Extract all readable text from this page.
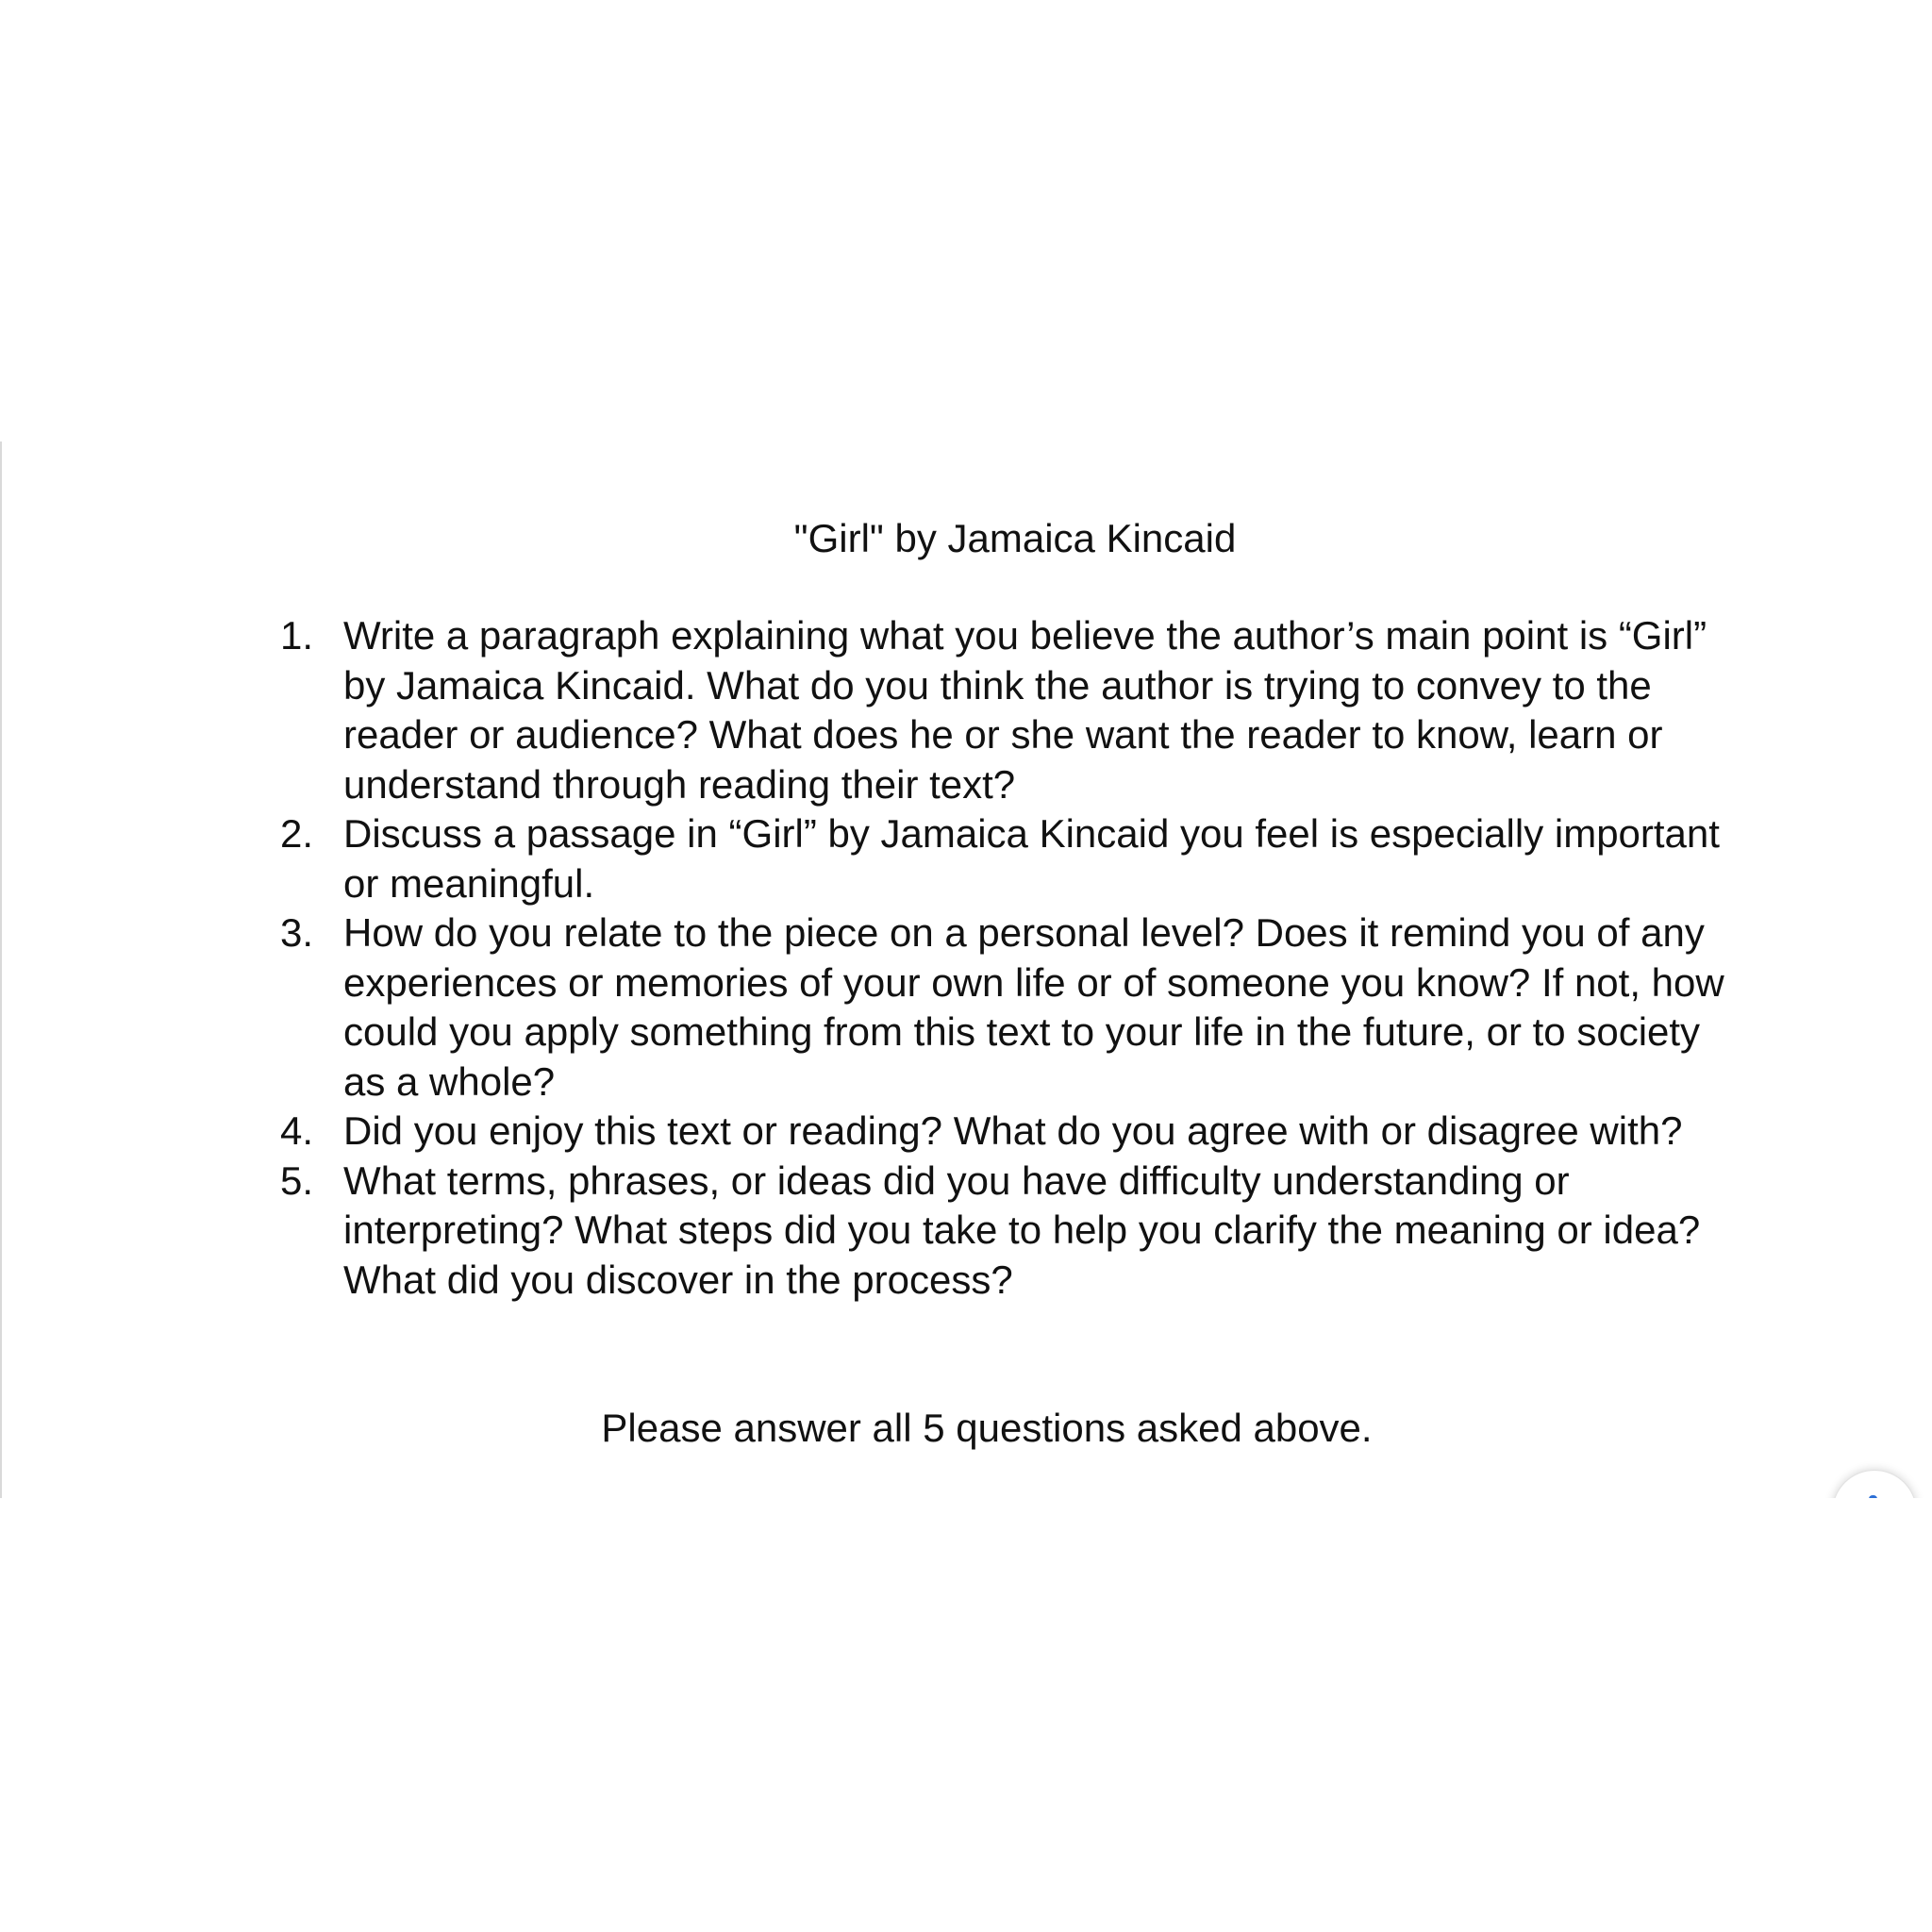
"Girl" by Jamaica Kincaid
1. Write a paragraph explaining what you believe the author’s main point is “Girl” by Jamaica Kincaid. What do you think the author is trying to convey to the reader or audience? What does he or she want the reader to know, learn or understand through reading their text?
2. Discuss a passage in “Girl” by Jamaica Kincaid you feel is especially important or meaningful.
3. How do you relate to the piece on a personal level? Does it remind you of any experiences or memories of your own life or of someone you know? If not, how could you apply something from this text to your life in the future, or to society as a whole?
4. Did you enjoy this text or reading? What do you agree with or disagree with?
5. What terms, phrases, or ideas did you have difficulty understanding or interpreting? What steps did you take to help you clarify the meaning or idea? What did you discover in the process?
Please answer all 5 questions asked above.
